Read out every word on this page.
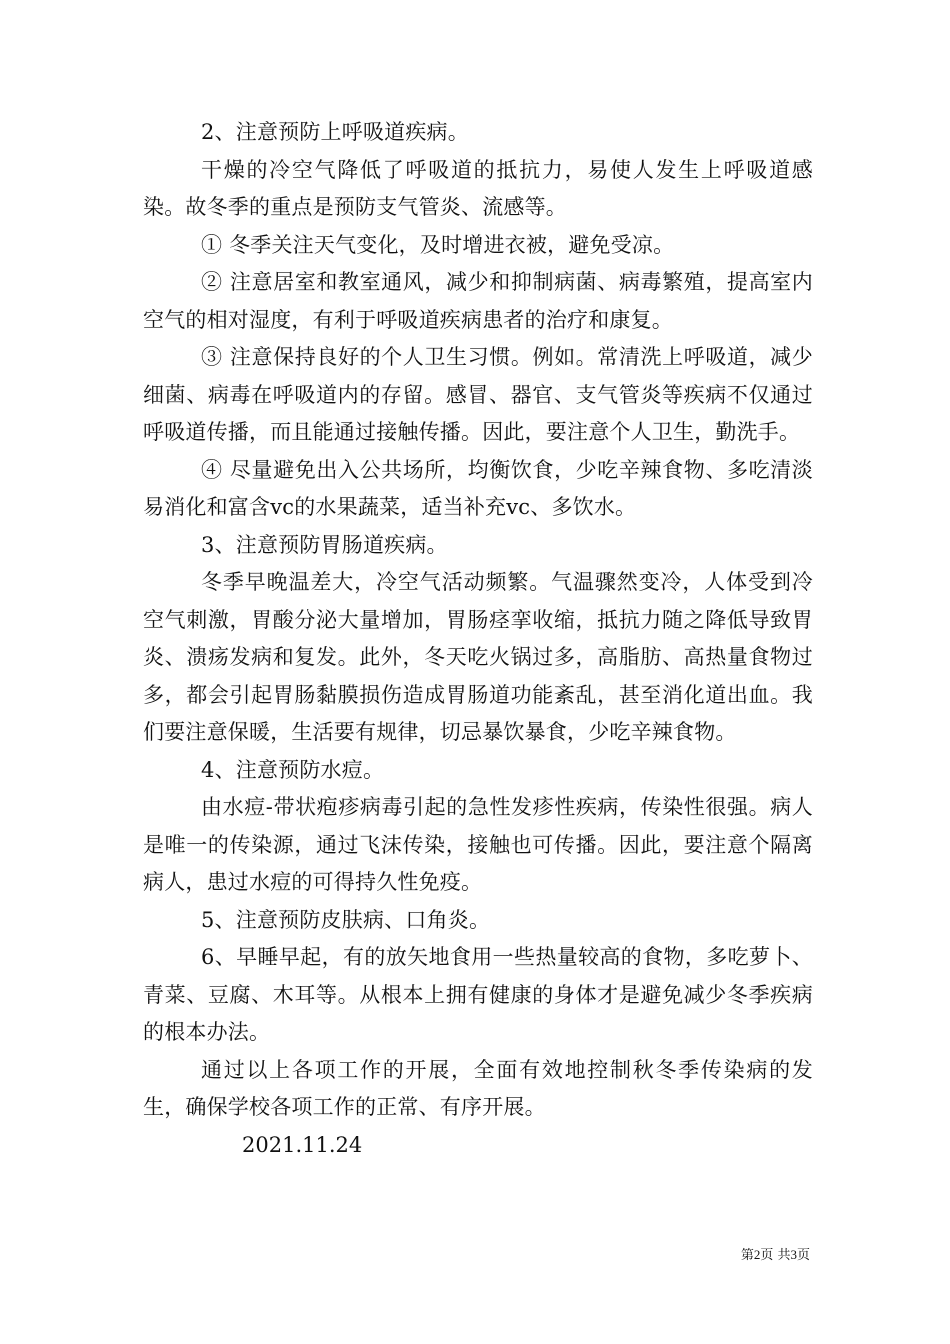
2、注意预防上呼吸道疾病。

干燥的冷空气降低了呼吸道的抵抗力，易使人发生上呼吸道感染。故冬季的重点是预防支气管炎、流感等。

① 冬季关注天气变化，及时增进衣被，避免受凉。

② 注意居室和教室通风，减少和抑制病菌、病毒繁殖，提高室内空气的相对湿度，有利于呼吸道疾病患者的治疗和康复。

③ 注意保持良好的个人卫生习惯。例如。常清洗上呼吸道，减少细菌、病毒在呼吸道内的存留。感冒、器官、支气管炎等疾病不仅通过呼吸道传播，而且能通过接触传播。因此，要注意个人卫生，勤洗手。

④ 尽量避免出入公共场所，均衡饮食，少吃辛辣食物、多吃清淡易消化和富含vc的水果蔬菜，适当补充vc、多饮水。

3、注意预防胃肠道疾病。

冬季早晚温差大，冷空气活动频繁。气温骤然变冷，人体受到冷空气刺激，胃酸分泌大量增加，胃肠痉挛收缩，抵抗力随之降低导致胃炎、溃疡发病和复发。此外，冬天吃火锅过多，高脂肪、高热量食物过多，都会引起胃肠黏膜损伤造成胃肠道功能紊乱，甚至消化道出血。我们要注意保暖，生活要有规律，切忌暴饮暴食，少吃辛辣食物。

4、注意预防水痘。

由水痘-带状疱疹病毒引起的急性发疹性疾病，传染性很强。病人是唯一的传染源，通过飞沫传染，接触也可传播。因此，要注意个隔离病人，患过水痘的可得持久性免疫。

5、注意预防皮肤病、口角炎。

6、早睡早起，有的放矢地食用一些热量较高的食物，多吃萝卜、青菜、豆腐、木耳等。从根本上拥有健康的身体才是避免减少冬季疾病的根本办法。

通过以上各项工作的开展，全面有效地控制秋冬季传染病的发生，确保学校各项工作的正常、有序开展。

2021.11.24

第2页 共3页
